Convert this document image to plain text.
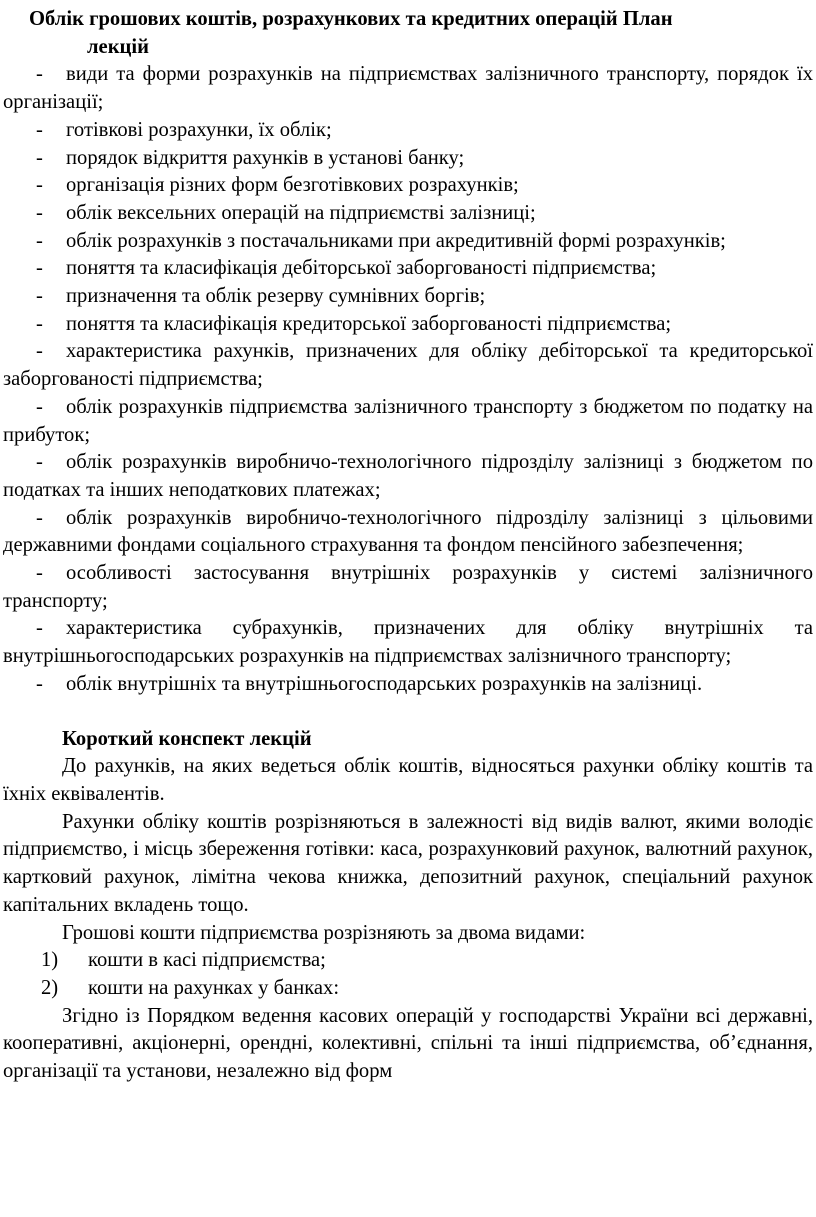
Облік грошових коштів, розрахункових та кредитних операцій План
лекцій
- види та форми розрахунків на підприємствах залізничного транспорту, порядок їх організації;
- готівкові розрахунки, їх облік;
- порядок відкриття рахунків в установі банку;
- організація різних форм безготівкових розрахунків;
- облік вексельних операцій на підприємстві залізниці;
- облік розрахунків з постачальниками при акредитивній формі розрахунків;
- поняття та класифікація дебіторської заборгованості підприємства;
- призначення та облік резерву сумнівних боргів;
- поняття та класифікація кредиторської заборгованості підприємства;
- характеристика рахунків, призначених для обліку дебіторської та кредиторської заборгованості підприємства;
- облік розрахунків підприємства залізничного транспорту з бюджетом по податку на прибуток;
- облік розрахунків виробничо-технологічного підрозділу залізниці з бюджетом по податках та інших неподаткових платежах;
- облік розрахунків виробничо-технологічного підрозділу залізниці з цільовими державними фондами соціального страхування та фондом пенсійного забезпечення;
- особливості застосування внутрішніх розрахунків у системі залізничного транспорту;
- характеристика субрахунків, призначених для обліку внутрішніх та внутрішньогосподарських розрахунків на підприємствах залізничного транспорту;
- облік внутрішніх та внутрішньогосподарських розрахунків на залізниці.
Короткий конспект лекцій

До рахунків, на яких ведеться облік коштів, відносяться рахунки обліку коштів та їхніх еквівалентів.

Рахунки обліку коштів розрізняються в залежності від видів валют, якими володіє підприємство, і місць збереження готівки: каса, розрахунковий рахунок, валютний рахунок, картковий рахунок, лімітна чекова книжка, депозитний рахунок, спеціальний рахунок капітальних вкладень тощо.

Грошові кошти підприємства розрізняють за двома видами:

1) кошти в касі підприємства;
2) кошти на рахунках у банках:

Згідно із Порядком ведення касових операцій у господарстві України всі державні, кооперативні, акціонерні, орендні, колективні, спільні та інші підприємства, об’єднання, організації та установи, незалежно від форм
